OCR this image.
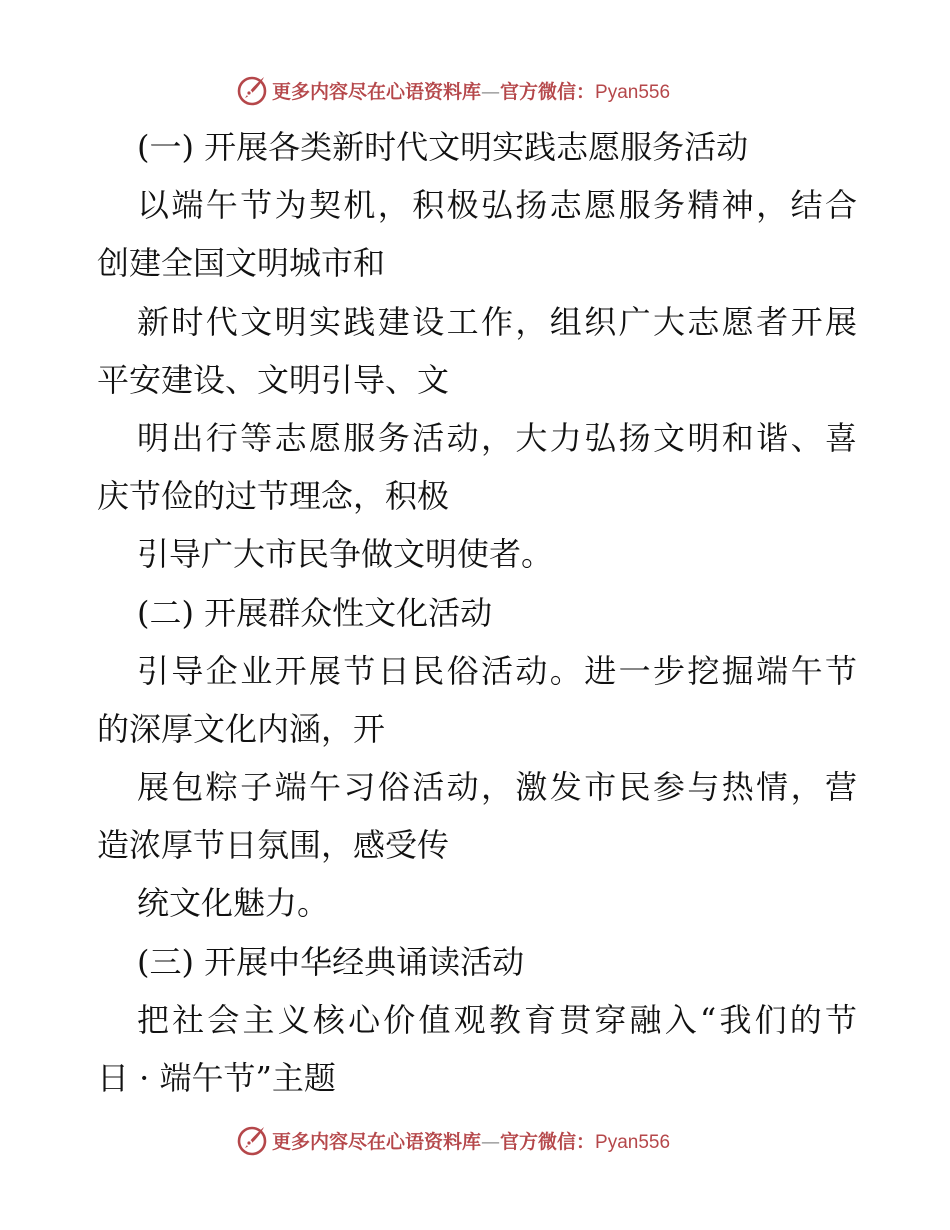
更多内容尽在心语资料库—官方微信：Pyan556
(一) 开展各类新时代文明实践志愿服务活动
以端午节为契机，积极弘扬志愿服务精神，结合
创建全国文明城市和
新时代文明实践建设工作，组织广大志愿者开展
平安建设、文明引导、文
明出行等志愿服务活动，大力弘扬文明和谐、喜
庆节俭的过节理念，积极
引导广大市民争做文明使者。
(二) 开展群众性文化活动
引导企业开展节日民俗活动。进一步挖掘端午节
的深厚文化内涵，开
展包粽子端午习俗活动，激发市民参与热情，营
造浓厚节日氛围，感受传
统文化魅力。
(三) 开展中华经典诵读活动
把社会主义核心价值观教育贯穿融入“我们的节
日 · 端午节”主题
更多内容尽在心语资料库—官方微信：Pyan556
